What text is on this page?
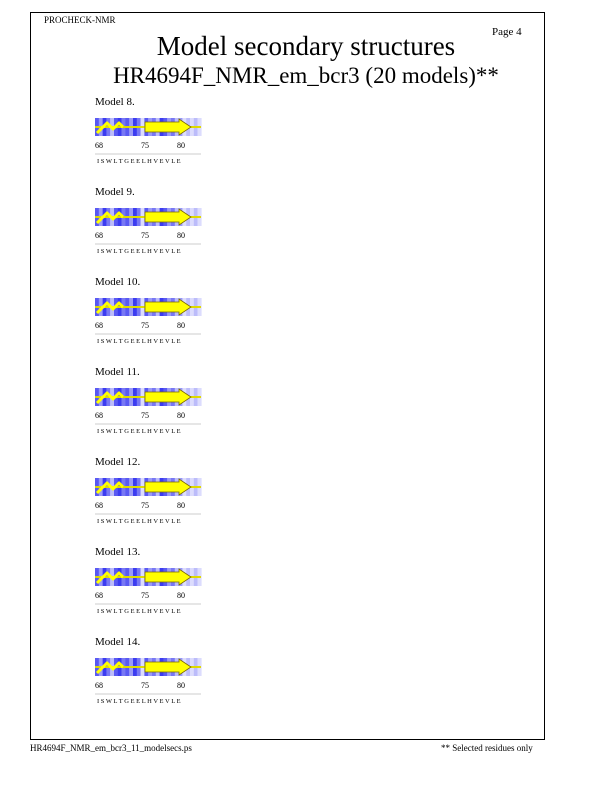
PROCHECK-NMR
Page 4
Model secondary structures
HR4694F_NMR_em_bcr3 (20 models)**
Model 8.
68	75	80
I S W L T G E E L H V E V L E
Model 9.
68	75	80
I S W L T G E E L H V E V L E
Model 10.
68	75	80
I S W L T G E E L H V E V L E
Model 11.
68	75	80
I S W L T G E E L H V E V L E
Model 12.
68	75	80
I S W L T G E E L H V E V L E
Model 13.
68	75	80
I S W L T G E E L H V E V L E
Model 14.
68	75	80
I S W L T G E E L H V E V L E
HR4694F_NMR_em_bcr3_11_modelsecs.ps	** Selected residues only
